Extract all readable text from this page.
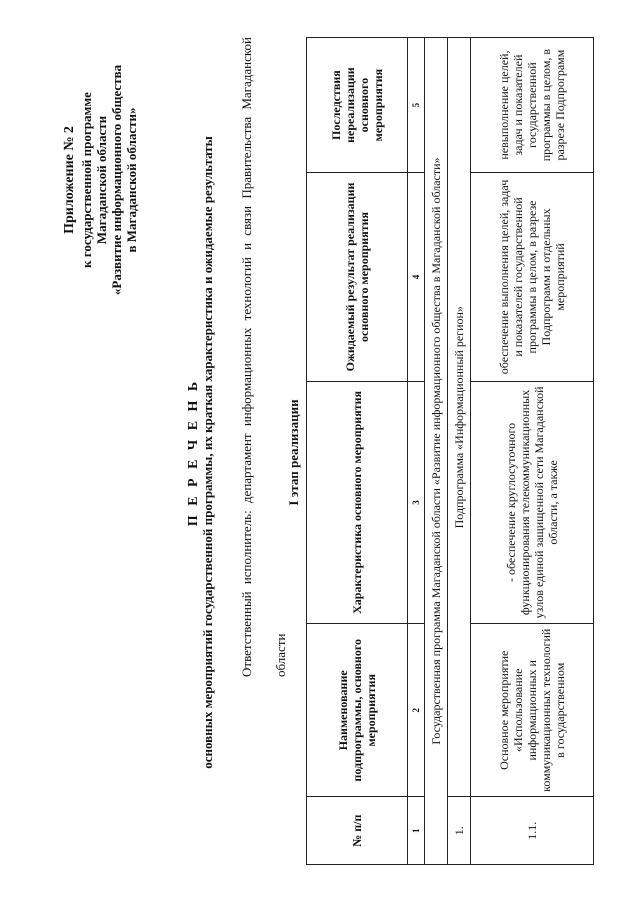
Приложение № 2 к государственной программе Магаданской области «Развитие информационного общества в Магаданской области»
П Е Р Е Ч Е Н Ь основных мероприятий государственной программы, их краткая характеристика и ожидаемые результаты	Ответственный исполнитель: департамент информационных технологий и связи Правительства Магаданской области
I этап реализации
№ п/п	Наименование подпрограммы, основного мероприятия	Характеристика основного мероприятия	Ожидаемый результат реализации основного мероприятия	Последствия нереализации основного мероприятия
1	2	3	4	5
Государственная программа Магаданской области «Развитие информационного общества в Магаданской области»				
1.	Подпрограмма «Информационный регион»			
1.1.	Основное мероприятие «Использование информационных и коммуникационных технологий в государственном	- обеспечение круглосуточного функционирования телекоммуникационных узлов единой защищенной сети Магаданской области, а также	обеспечение выполнения целей, задач и показателей государственной программы в целом, в разрезе Подпрограмм и отдельных мероприятий	невыполнение целей, задач и показателей государственной программы в целом, в разрезе Подпрограмм
